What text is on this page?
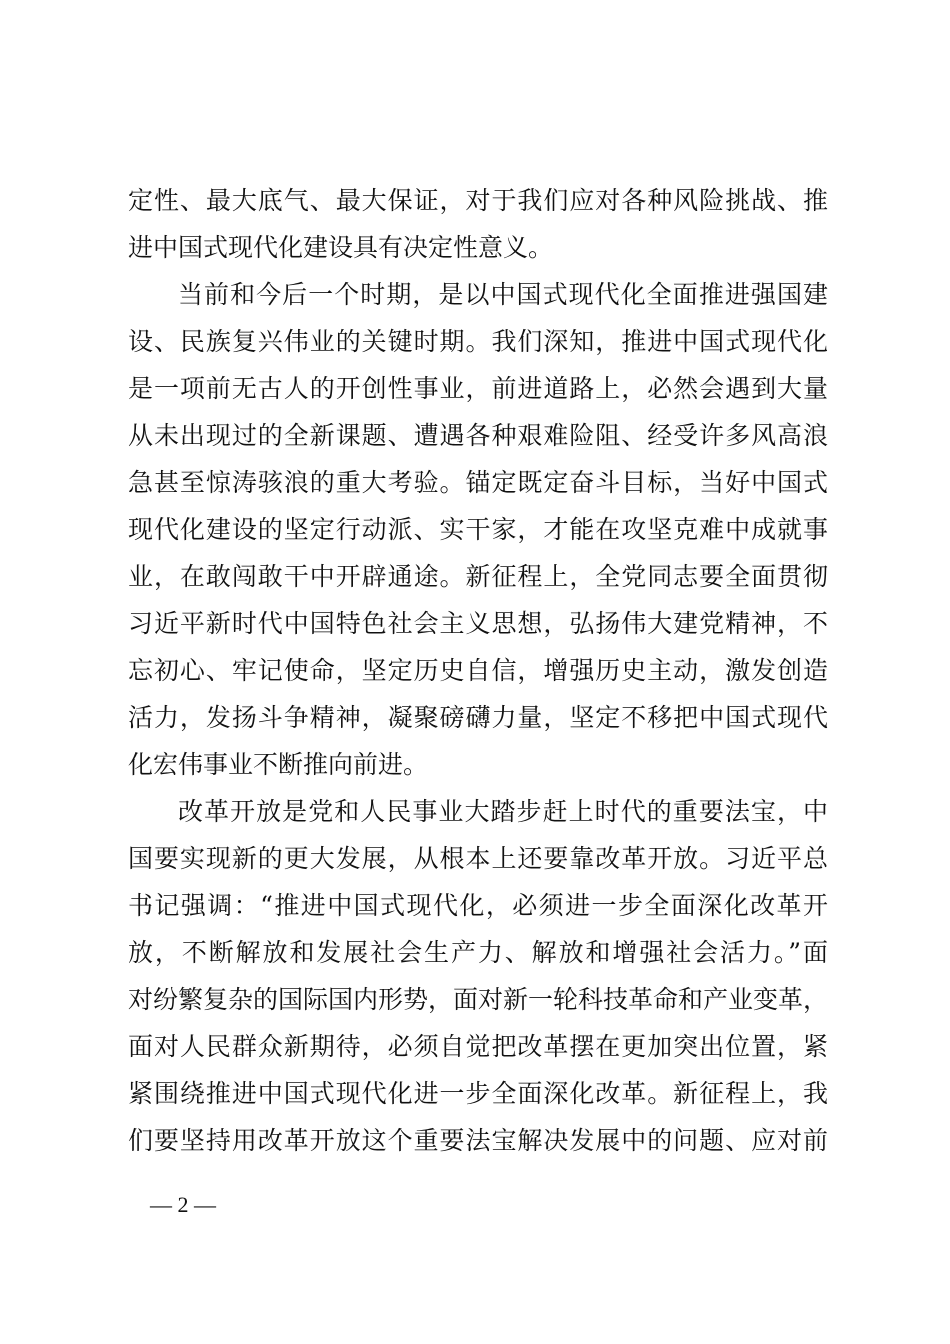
定性、最大底气、最大保证，对于我们应对各种风险挑战、推
进中国式现代化建设具有决定性意义。
当前和今后一个时期，是以中国式现代化全面推进强国建
设、民族复兴伟业的关键时期。我们深知，推进中国式现代化
是一项前无古人的开创性事业，前进道路上，必然会遇到大量
从未出现过的全新课题、遭遇各种艰难险阻、经受许多风高浪
急甚至惊涛骇浪的重大考验。锚定既定奋斗目标，当好中国式
现代化建设的坚定行动派、实干家，才能在攻坚克难中成就事
业，在敢闯敢干中开辟通途。新征程上，全党同志要全面贯彻
习近平新时代中国特色社会主义思想，弘扬伟大建党精神，不
忘初心、牢记使命，坚定历史自信，增强历史主动，激发创造
活力，发扬斗争精神，凝聚磅礴力量，坚定不移把中国式现代
化宏伟事业不断推向前进。
改革开放是党和人民事业大踏步赶上时代的重要法宝，中
国要实现新的更大发展，从根本上还要靠改革开放。习近平总
书记强调：“推进中国式现代化，必须进一步全面深化改革开
放，不断解放和发展社会生产力、解放和增强社会活力。”面
对纷繁复杂的国际国内形势，面对新一轮科技革命和产业变革，
面对人民群众新期待，必须自觉把改革摆在更加突出位置，紧
紧围绕推进中国式现代化进一步全面深化改革。新征程上，我
们要坚持用改革开放这个重要法宝解决发展中的问题、应对前
— 2 —
